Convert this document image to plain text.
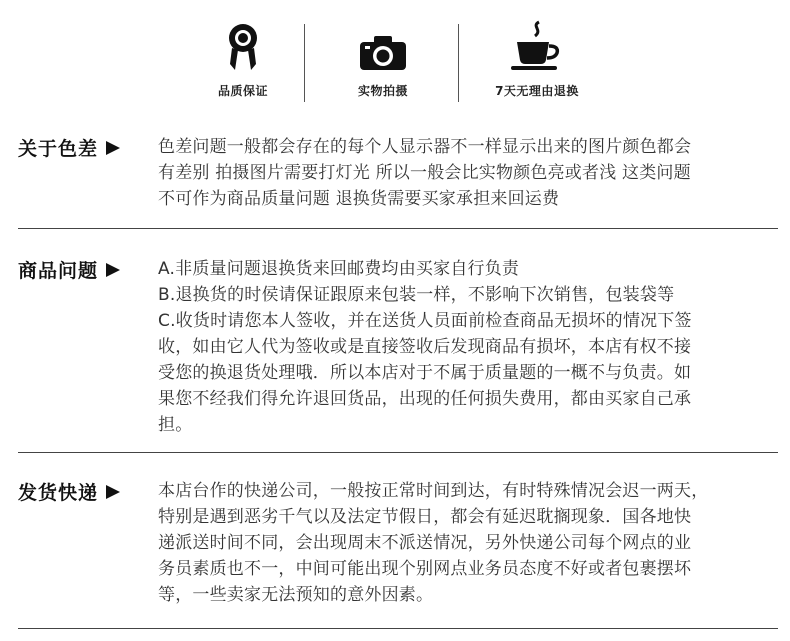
品质保证	实物拍摄	7天无理由退换
关于色差	色差问题一般都会存在的每个人显示器不一样显示出来的图片颜色都会
有差别 拍摄图片需要打灯光 所以一般会比实物颜色亮或者浅 这类问题
不可作为商品质量问题 退换货需要买家承担来回运费
商品问题	A.非质量问题退换货来回邮费均由买家自行负责
B.退换货的时侯请保证跟原来包装一样，不影响下次销售，包装袋等
C.收货时请您本人签收，并在送货人员面前检查商品无损坏的情况下签
收，如由它人代为签收或是直接签收后发现商品有损坏，本店有权不接
受您的换退货处理哦．所以本店对于不属于质量题的一概不与负责。如
果您不经我们得允许退回货品，出现的任何损失费用，都由买家自己承
担。
发货快递	本店台作的快递公司，一般按正常时间到达，有时特殊情况会迟一两天，
特别是遇到恶劣千气以及法定节假日，都会有延迟耽搁现象．国各地快
递派送时间不同，会出现周末不派送情况，另外快递公司每个网点的业
务员素质也不一，中间可能出现个别网点业务员态度不好或者包裹摆坏
等，一些卖家无法预知的意外因素。
